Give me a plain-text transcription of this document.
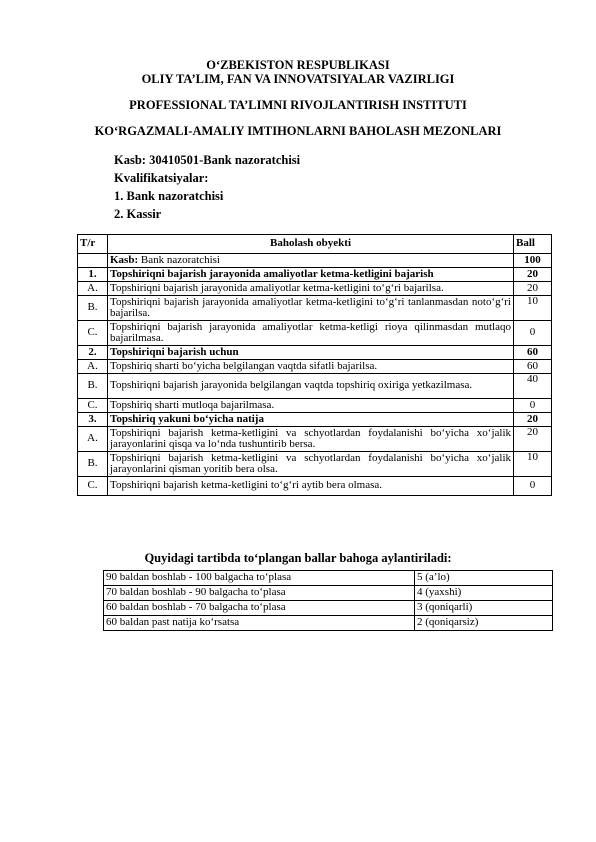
O‘ZBEKISTON RESPUBLIKASI
OLIY TA’LIM, FAN VA INNOVATSIYALAR VAZIRLIGI
PROFESSIONAL TA’LIMNI RIVOJLANTIRISH INSTITUTI
KO‘RGAZMALI-AMALIY IMTIHONLARNI BAHOLASH MEZONLARI
Kasb: 30410501-Bank nazoratchisi
Kvalifikatsiyalar:
1. Bank nazoratchisi
2. Kassir
T/r	Baholash obyekti	Ball
	Kasb: Bank nazoratchisi	100
1.	Topshiriqni bajarish jarayonida amaliyotlar ketma-ketligini bajarish	20
A.	Topshiriqni bajarish jarayonida amaliyotlar ketma-ketligini to‘g‘ri bajarilsa.	20
B.	Topshiriqni bajarish jarayonida amaliyotlar ketma-ketligini to‘g‘ri tanlanmasdan noto‘g‘ri bajarilsa.	10
C.	Topshiriqni bajarish jarayonida amaliyotlar ketma-ketligi rioya qilinmasdan mutlaqo bajarilmasa.	0
2.	Topshiriqni bajarish uchun	60
A.	Topshiriq sharti bo‘yicha belgilangan vaqtda sifatli bajarilsa.	60
B.	Topshiriqni bajarish jarayonida belgilangan vaqtda topshiriq oxiriga yetkazilmasa.	40
C.	Topshiriq sharti mutloqa bajarilmasa.	0
3.	Topshiriq yakuni bo‘yicha natija	20
A.	Topshiriqni bajarish ketma-ketligini va schyotlardan foydalanishi bo‘yicha xo‘jalik jarayonlarini qisqa va lo‘nda tushuntirib bersa.	20
B.	Topshiriqni bajarish ketma-ketligini va schyotlardan foydalanishi bo‘yicha xo‘jalik jarayonlarini qisman yoritib bera olsa.	10
C.	Topshiriqni bajarish ketma-ketligini to‘g‘ri aytib bera olmasa.	0
Quyidagi tartibda to‘plangan ballar bahoga aylantiriladi:
90 baldan boshlab - 100 balgacha to‘plasa	5 (a’lo)
70 baldan boshlab - 90 balgacha to‘plasa	4 (yaxshi)
60 baldan boshlab - 70 balgacha to‘plasa	3 (qoniqarli)
60 baldan past natija ko‘rsatsa	2 (qoniqarsiz)
